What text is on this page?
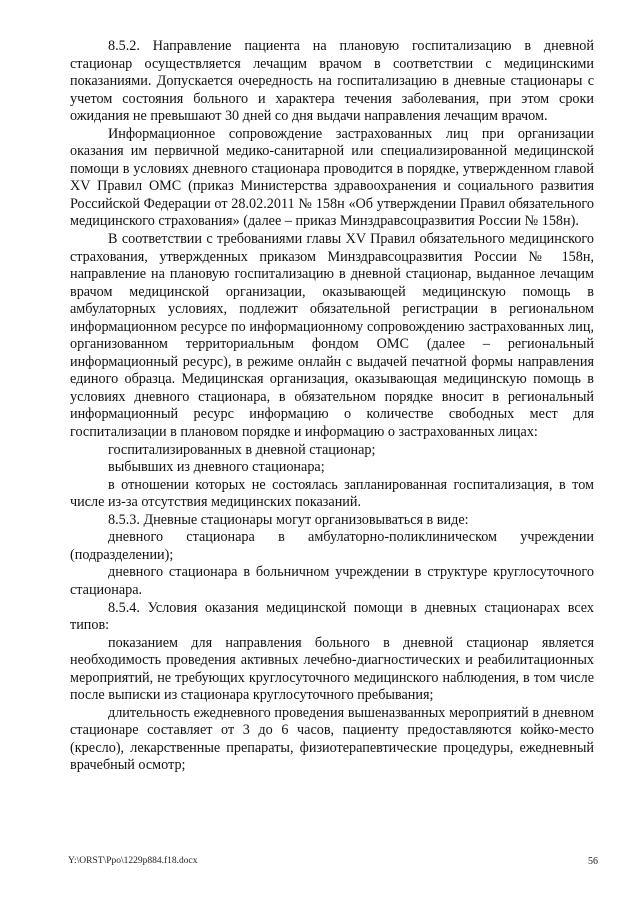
8.5.2. Направление пациента на плановую госпитализацию в дневной стационар осуществляется лечащим врачом в соответствии с медицинскими показаниями. Допускается очередность на госпитализацию в дневные стационары с учетом состояния больного и характера течения заболевания, при этом сроки ожидания не превышают 30 дней со дня выдачи направления лечащим врачом.

Информационное сопровождение застрахованных лиц при организации оказания им первичной медико-санитарной или специализированной медицинской помощи в условиях дневного стационара проводится в порядке, утвержденном главой XV Правил ОМС (приказ Министерства здравоохранения и социального развития Российской Федерации от 28.02.2011 № 158н «Об утверждении Правил обязательного медицинского страхования» (далее – приказ Минздравсоцразвития России № 158н).

В соответствии с требованиями главы XV Правил обязательного медицинского страхования, утвержденных приказом Минздравсоцразвития России № 158н, направление на плановую госпитализацию в дневной стационар, выданное лечащим врачом медицинской организации, оказывающей медицинскую помощь в амбулаторных условиях, подлежит обязательной регистрации в региональном информационном ресурсе по информационному сопровождению застрахованных лиц, организованном территориальным фондом ОМС (далее – региональный информационный ресурс), в режиме онлайн с выдачей печатной формы направления единого образца. Медицинская организация, оказывающая медицинскую помощь в условиях дневного стационара, в обязательном порядке вносит в региональный информационный ресурс информацию о количестве свободных мест для госпитализации в плановом порядке и информацию о застрахованных лицах:

госпитализированных в дневной стационар;

выбывших из дневного стационара;

в отношении которых не состоялась запланированная госпитализация, в том числе из-за отсутствия медицинских показаний.

8.5.3. Дневные стационары могут организовываться в виде:

дневного стационара в амбулаторно-поликлиническом учреждении (подразделении);

дневного стационара в больничном учреждении в структуре круглосуточного стационара.

8.5.4. Условия оказания медицинской помощи в дневных стационарах всех типов:

показанием для направления больного в дневной стационар является необходимость проведения активных лечебно-диагностических и реабилитационных мероприятий, не требующих круглосуточного медицинского наблюдения, в том числе после выписки из стационара круглосуточного пребывания;

длительность ежедневного проведения вышеназванных мероприятий в дневном стационаре составляет от 3 до 6 часов, пациенту предоставляются койко-место (кресло), лекарственные препараты, физиотерапевтические процедуры, ежедневный врачебный осмотр;

Y:\ORST\Ppo\1229p884.f18.docx	56
